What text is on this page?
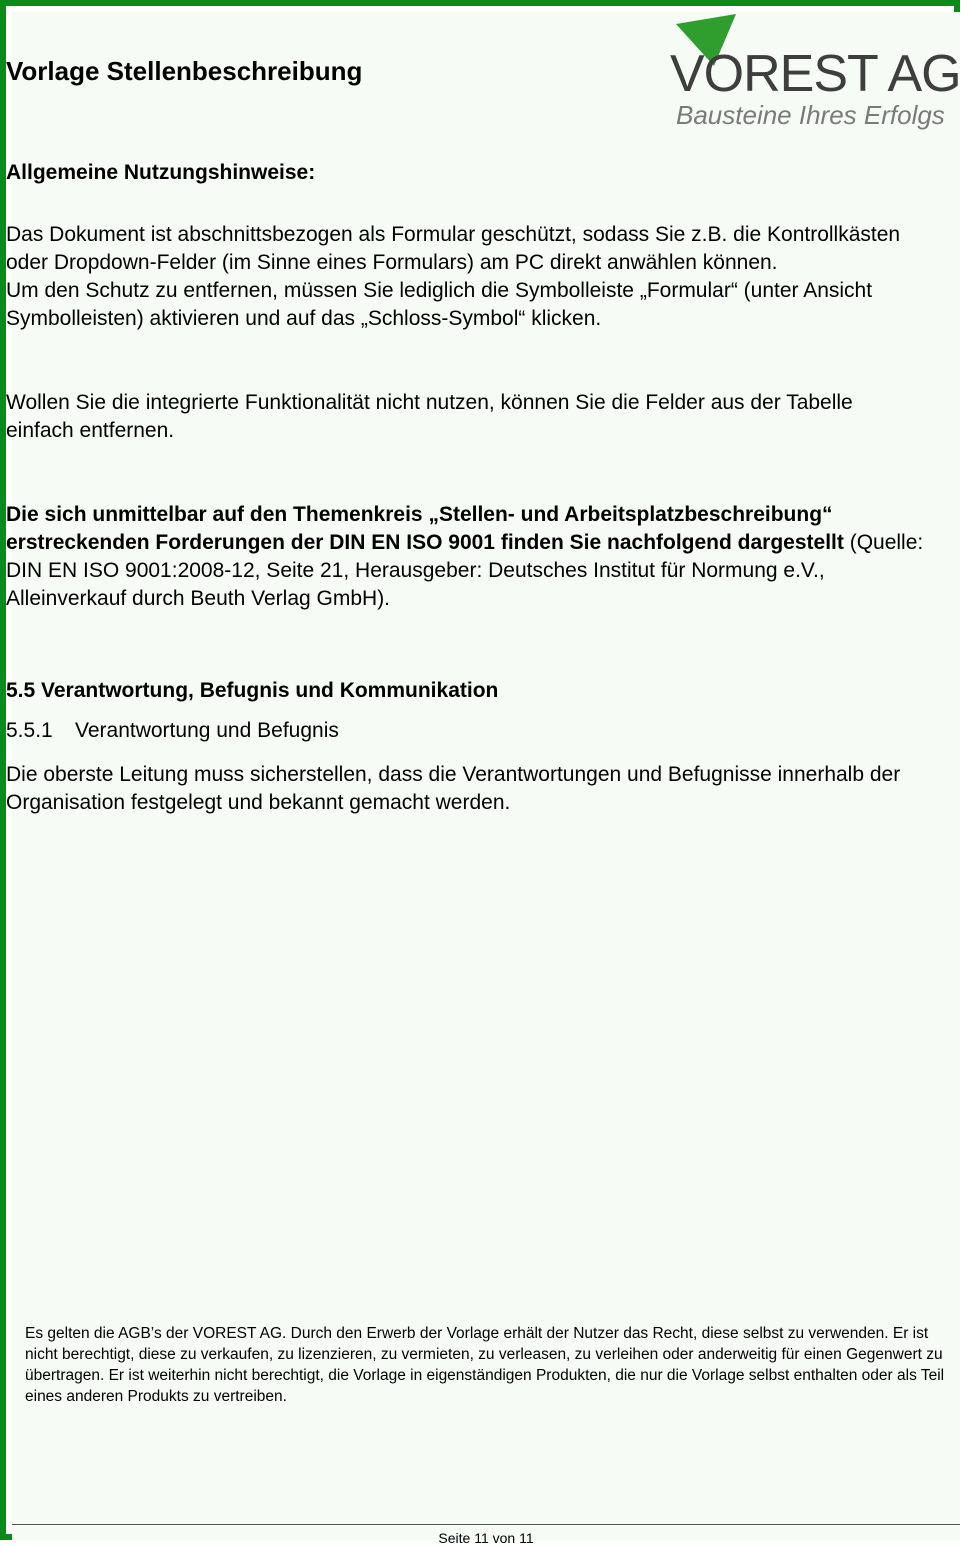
Vorlage Stellenbeschreibung	VOREST AG
Bausteine Ihres Erfolgs
Allgemeine Nutzungshinweise:
Das Dokument ist abschnittsbezogen als Formular geschützt, sodass Sie z.B. die Kontrollkästen oder Dropdown-Felder (im Sinne eines Formulars) am PC direkt anwählen können.
Um den Schutz zu entfernen, müssen Sie lediglich die Symbolleiste „Formular“ (unter Ansicht Symbolleisten) aktivieren und auf das „Schloss-Symbol“ klicken.
Wollen Sie die integrierte Funktionalität nicht nutzen, können Sie die Felder aus der Tabelle einfach entfernen.
Die sich unmittelbar auf den Themenkreis „Stellen- und Arbeitsplatzbeschreibung“ erstreckenden Forderungen der DIN EN ISO 9001 finden Sie nachfolgend dargestellt (Quelle: DIN EN ISO 9001:2008-12, Seite 21, Herausgeber: Deutsches Institut für Normung e.V., Alleinverkauf durch Beuth Verlag GmbH).
5.5 Verantwortung, Befugnis und Kommunikation
5.5.1 Verantwortung und Befugnis
Die oberste Leitung muss sicherstellen, dass die Verantwortungen und Befugnisse innerhalb der Organisation festgelegt und bekannt gemacht werden.
Es gelten die AGB’s der VOREST AG. Durch den Erwerb der Vorlage erhält der Nutzer das Recht, diese selbst zu verwenden. Er ist nicht berechtigt, diese zu verkaufen, zu lizenzieren, zu vermieten, zu verleasen, zu verleihen oder anderweitig für einen Gegenwert zu übertragen. Er ist weiterhin nicht berechtigt, die Vorlage in eigenständigen Produkten, die nur die Vorlage selbst enthalten oder als Teil eines anderen Produkts zu vertreiben.
Seite 11 von 11
